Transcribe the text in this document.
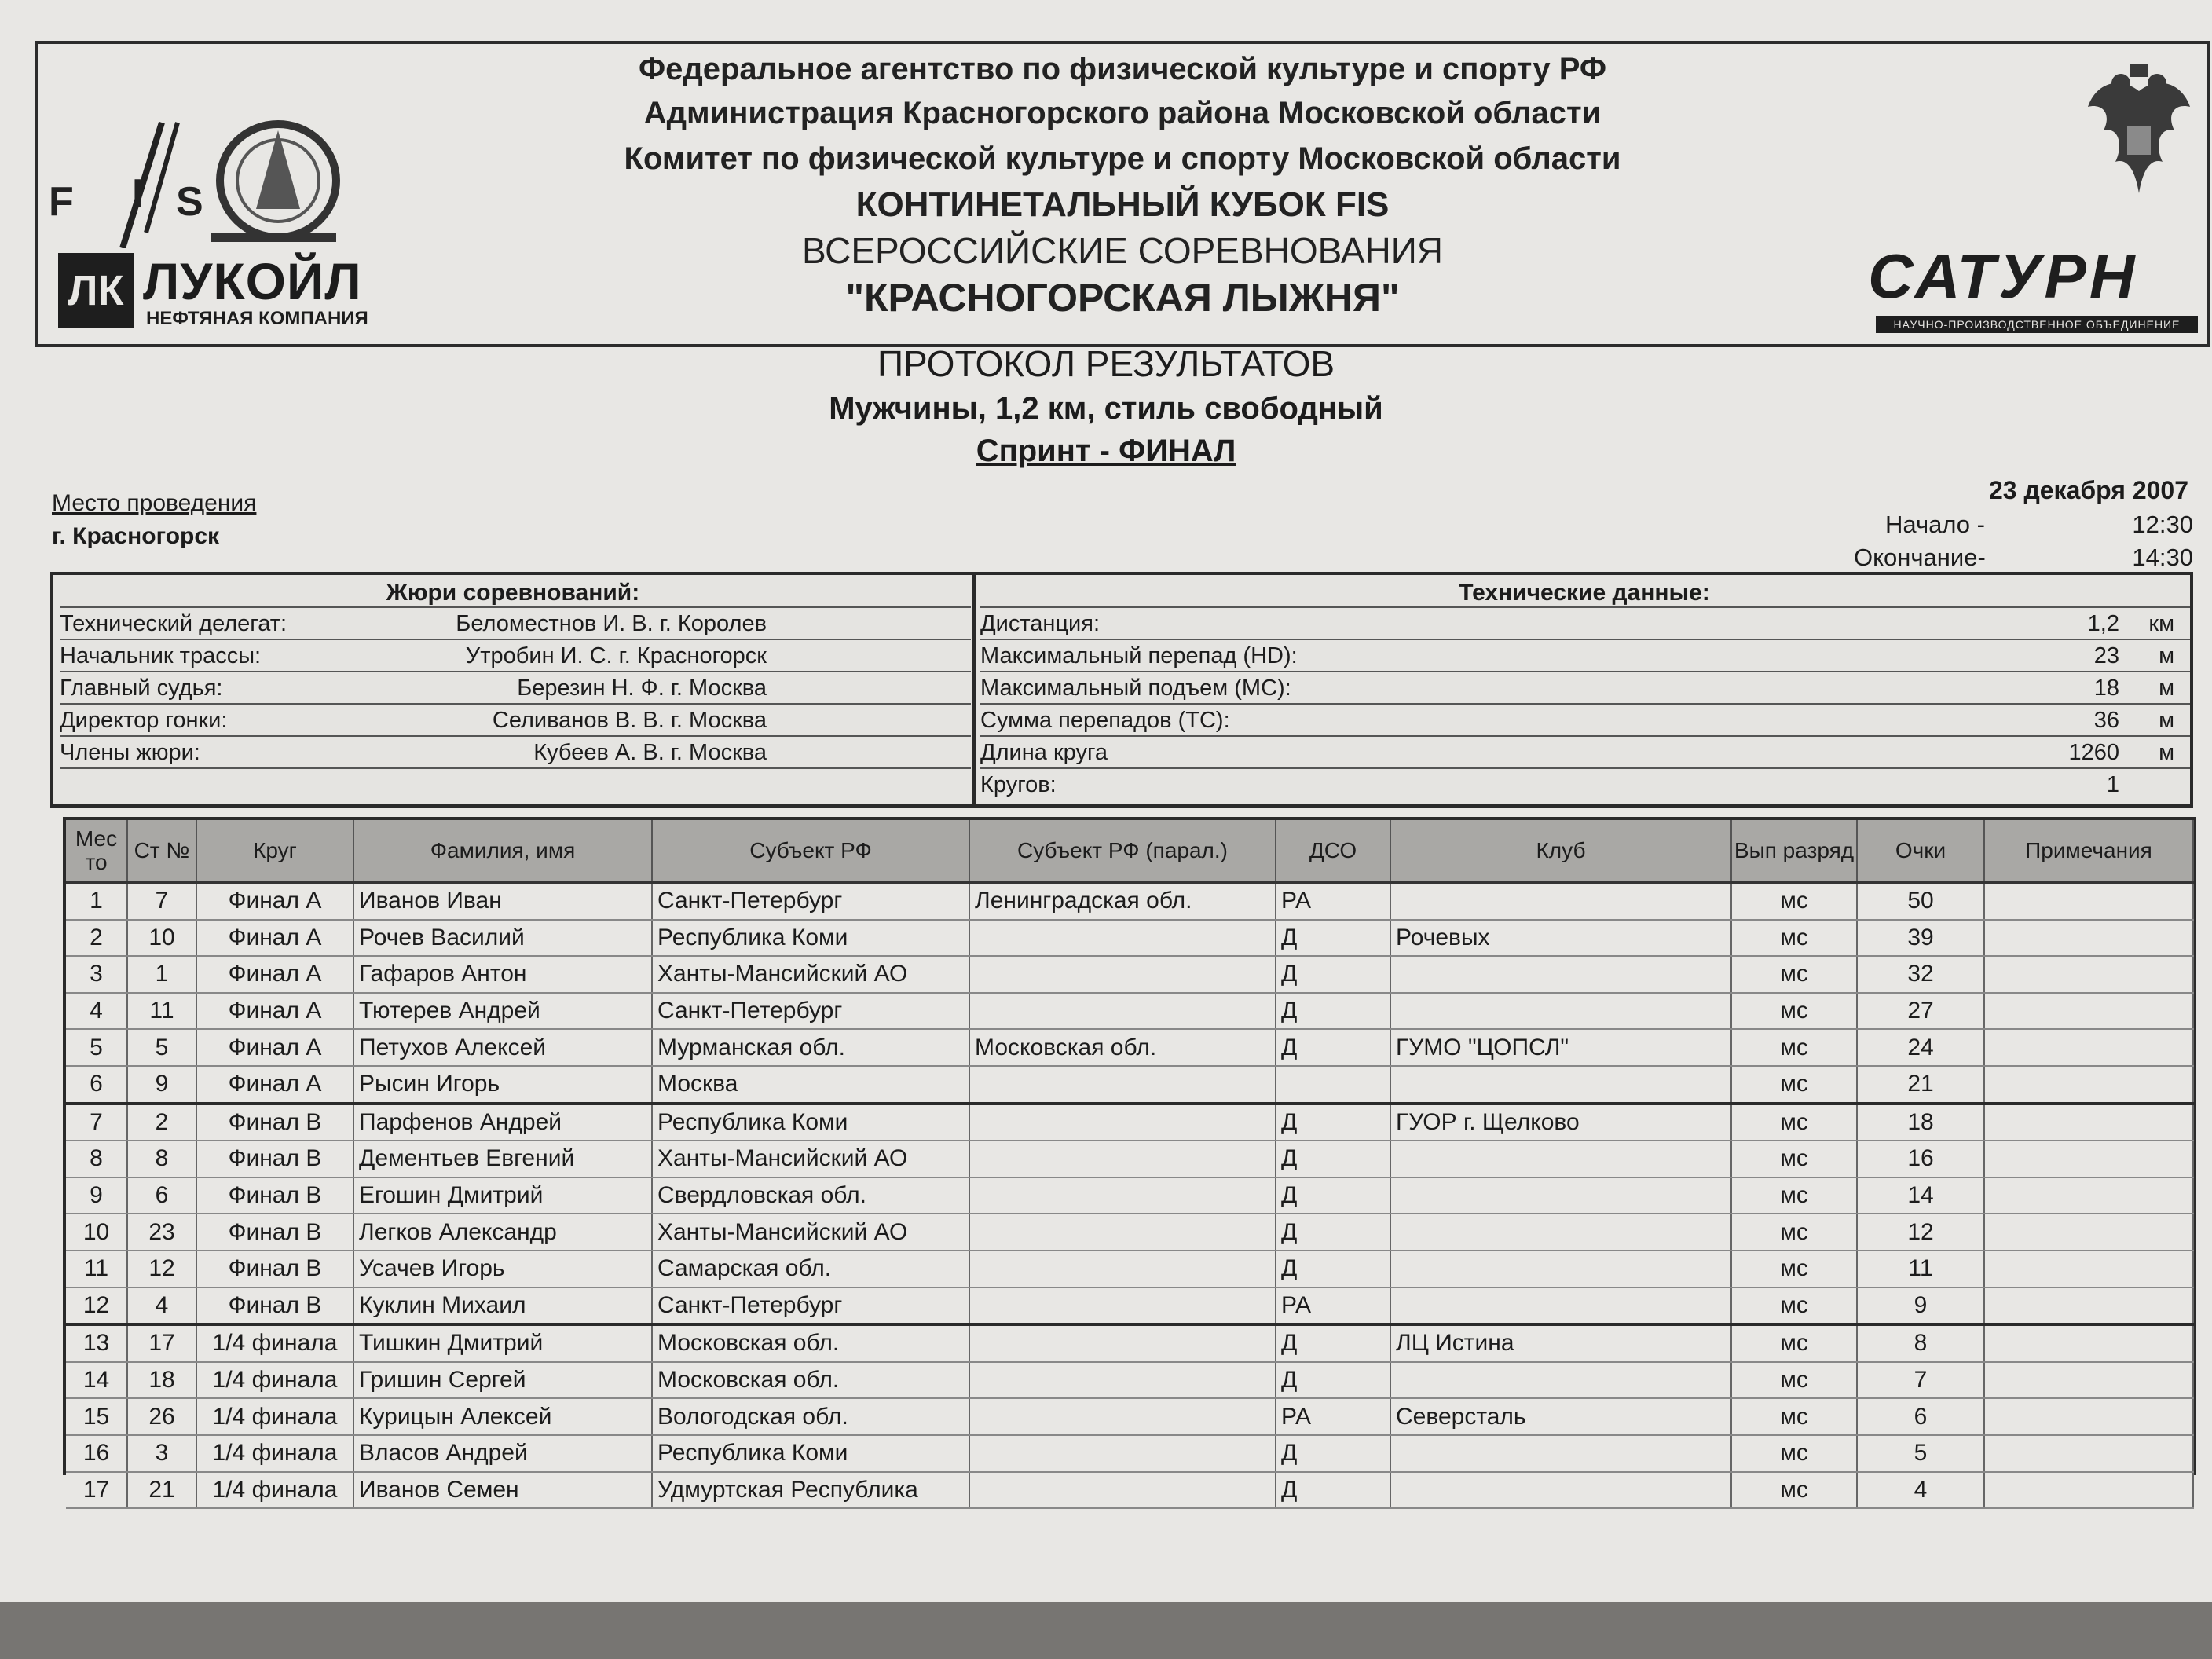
F I S
ЛК ЛУКОЙЛ
НЕФТЯНАЯ КОМПАНИЯ
Федеральное агентство по физической культуре и спорту РФ
Администрация Красногорского района Московской области
Комитет по физической культуре и спорту Московской области
КОНТИНЕТАЛЬНЫЙ КУБОК FIS
ВСЕРОССИЙСКИЕ СОРЕВНОВАНИЯ
"КРАСНОГОРСКАЯ ЛЫЖНЯ"	САТУРН
НАУЧНО-ПРОИЗВОДСТВЕННОЕ ОБЪЕДИНЕНИЕ
ПРОТОКОЛ РЕЗУЛЬТАТОВ
Мужчины, 1,2 км, стиль свободный
Спринт - ФИНАЛ
Место проведения
г. Красногорск
23 декабря 2007
Начало -	12:30
Окончание-	14:30
Жюри соревнований:	Технические данные:
Технический делегат:	Беломестнов И. В. г. Королев
Начальник трассы:	Утробин И. С. г. Красногорск
Главный судья:	Березин Н. Ф. г. Москва
Директор гонки:	Селиванов В. В. г. Москва
Члены жюри:	Кубеев А. В. г. Москва
Дистанция:	1,2 км
Максимальный перепад (HD):	23 м
Максимальный подъем (МС):	18 м
Сумма перепадов (ТС):	36 м
Длина круга	1260 м
Кругов:	1
Мес то	Ст №	Круг	Фамилия, имя	Субъект РФ	Субъект РФ (парал.)	ДСО	Клуб	Вып разряд	Очки	Примечания
1	7	Финал А	Иванов Иван	Санкт-Петербург	Ленинградская обл.	РА		мс	50	
2	10	Финал А	Рочев Василий	Республика Коми		Д	Рочевых	мс	39	
3	1	Финал А	Гафаров Антон	Ханты-Мансийский АО		Д		мс	32	
4	11	Финал А	Тютерев Андрей	Санкт-Петербург		Д		мс	27	
5	5	Финал А	Петухов Алексей	Мурманская обл.	Московская обл.	Д	ГУМО "ЦОПСЛ"	мс	24	
6	9	Финал А	Рысин Игорь	Москва				мс	21	
7	2	Финал В	Парфенов Андрей	Республика Коми		Д	ГУОР г. Щелково	мс	18	
8	8	Финал В	Дементьев Евгений	Ханты-Мансийский АО		Д		мс	16	
9	6	Финал В	Егошин Дмитрий	Свердловская обл.		Д		мс	14	
10	23	Финал В	Легков Александр	Ханты-Мансийский АО		Д		мс	12	
11	12	Финал В	Усачев Игорь	Самарская обл.		Д		мс	11	
12	4	Финал В	Куклин Михаил	Санкт-Петербург		РА		мс	9	
13	17	1/4 финала	Тишкин Дмитрий	Московская обл.		Д	ЛЦ Истина	мс	8	
14	18	1/4 финала	Гришин Сергей	Московская обл.		Д		мс	7	
15	26	1/4 финала	Курицын Алексей	Вологодская обл.		РА	Северсталь	мс	6	
16	3	1/4 финала	Власов Андрей	Республика Коми		Д		мс	5	
17	21	1/4 финала	Иванов Семен	Удмуртская Республика		Д		мс	4	
